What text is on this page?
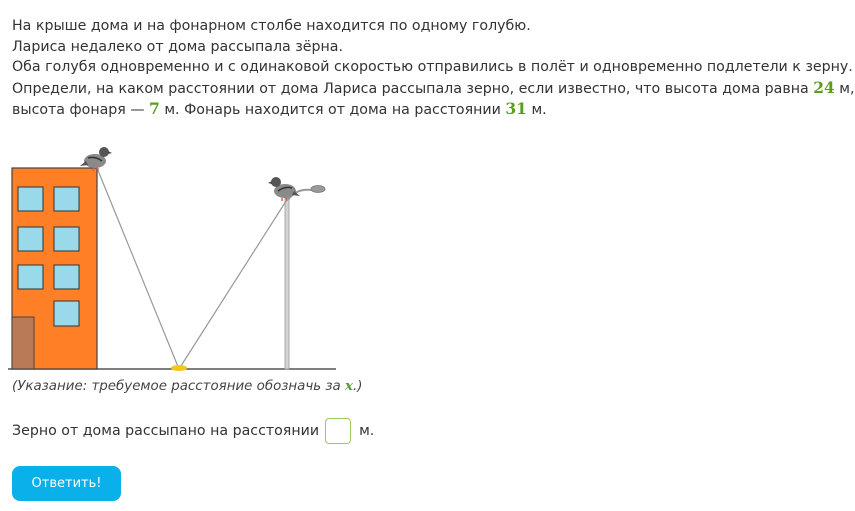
На крыше дома и на фонарном столбе находится по одному голубю.
Лариса недалеко от дома рассыпала зёрна.
Оба голубя одновременно и с одинаковой скоростью отправились в полёт и одновременно подлетели к зерну.
Определи, на каком расстоянии от дома Лариса рассыпала зерно, если известно, что высота дома равна 24 м,
высота фонаря — 7 м. Фонарь находится от дома на расстоянии 31 м.
(Указание: требуемое расстояние обозначь за x.)
Зерно от дома рассыпано на расстоянии	м.
Ответить!
